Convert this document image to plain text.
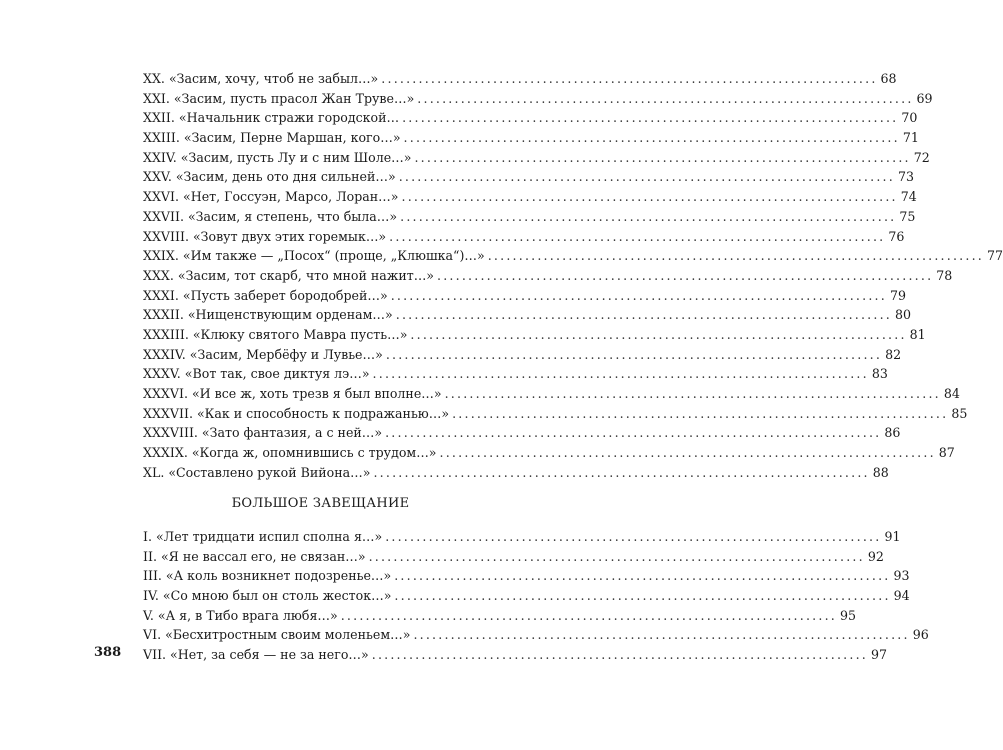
XX. «Засим, хочу, чтоб не забыл…» ................................................................................ 68
XXI. «Засим, пусть прасол Жан Труве…» ................................................................................ 69
XXII. «Начальник стражи городской… ................................................................................ 70
XXIII. «Засим, Перне Маршан, кого…» ................................................................................ 71
XXIV. «Засим, пусть Лу и с ним Шоле…» ................................................................................ 72
XXV. «Засим, день ото дня сильней…» ................................................................................ 73
XXVI. «Нет, Госсуэн, Марсо, Лоран…» ................................................................................ 74
XXVII. «Засим, я степень, что была…» ................................................................................ 75
XXVIII. «Зовут двух этих горемык…» ................................................................................ 76
XXIX. «Им также — „Посох“ (проще, „Клюшка“)…» ................................................................................ 77
XXX. «Засим, тот скарб, что мной нажит…» ................................................................................ 78
XXXI. «Пусть заберет бородобрей…» ................................................................................ 79
XXXII. «Нищенствующим орденам…» ................................................................................ 80
XXXIII. «Клюку святого Мавра пусть…» ................................................................................ 81
XXXIV. «Засим, Мербёфу и Лувье…» ................................................................................ 82
XXXV. «Вот так, свое диктуя лэ…» ................................................................................ 83
XXXVI. «И все ж, хоть трезв я был вполне…» ................................................................................ 84
XXXVII. «Как и способность к подражанью…» ................................................................................ 85
XXXVIII. «Зато фантазия, а с ней…» ................................................................................ 86
XXXIX. «Когда ж, опомнившись с трудом…» ................................................................................ 87
XL. «Составлено рукой Вийона…» ................................................................................ 88
БОЛЬШОЕ ЗАВЕЩАНИЕ
I. «Лет тридцати испил сполна я…» ................................................................................ 91
II. «Я не вассал его, не связан…» ................................................................................ 92
III. «А коль возникнет подозренье…» ................................................................................ 93
IV. «Со мною был он столь жесток…» ................................................................................ 94
V. «А я, в Тибо врага любя…» ................................................................................ 95
VI. «Бесхитростным своим моленьем…» ................................................................................ 96
VII. «Нет, за себя — не за него…» ................................................................................ 97
388
